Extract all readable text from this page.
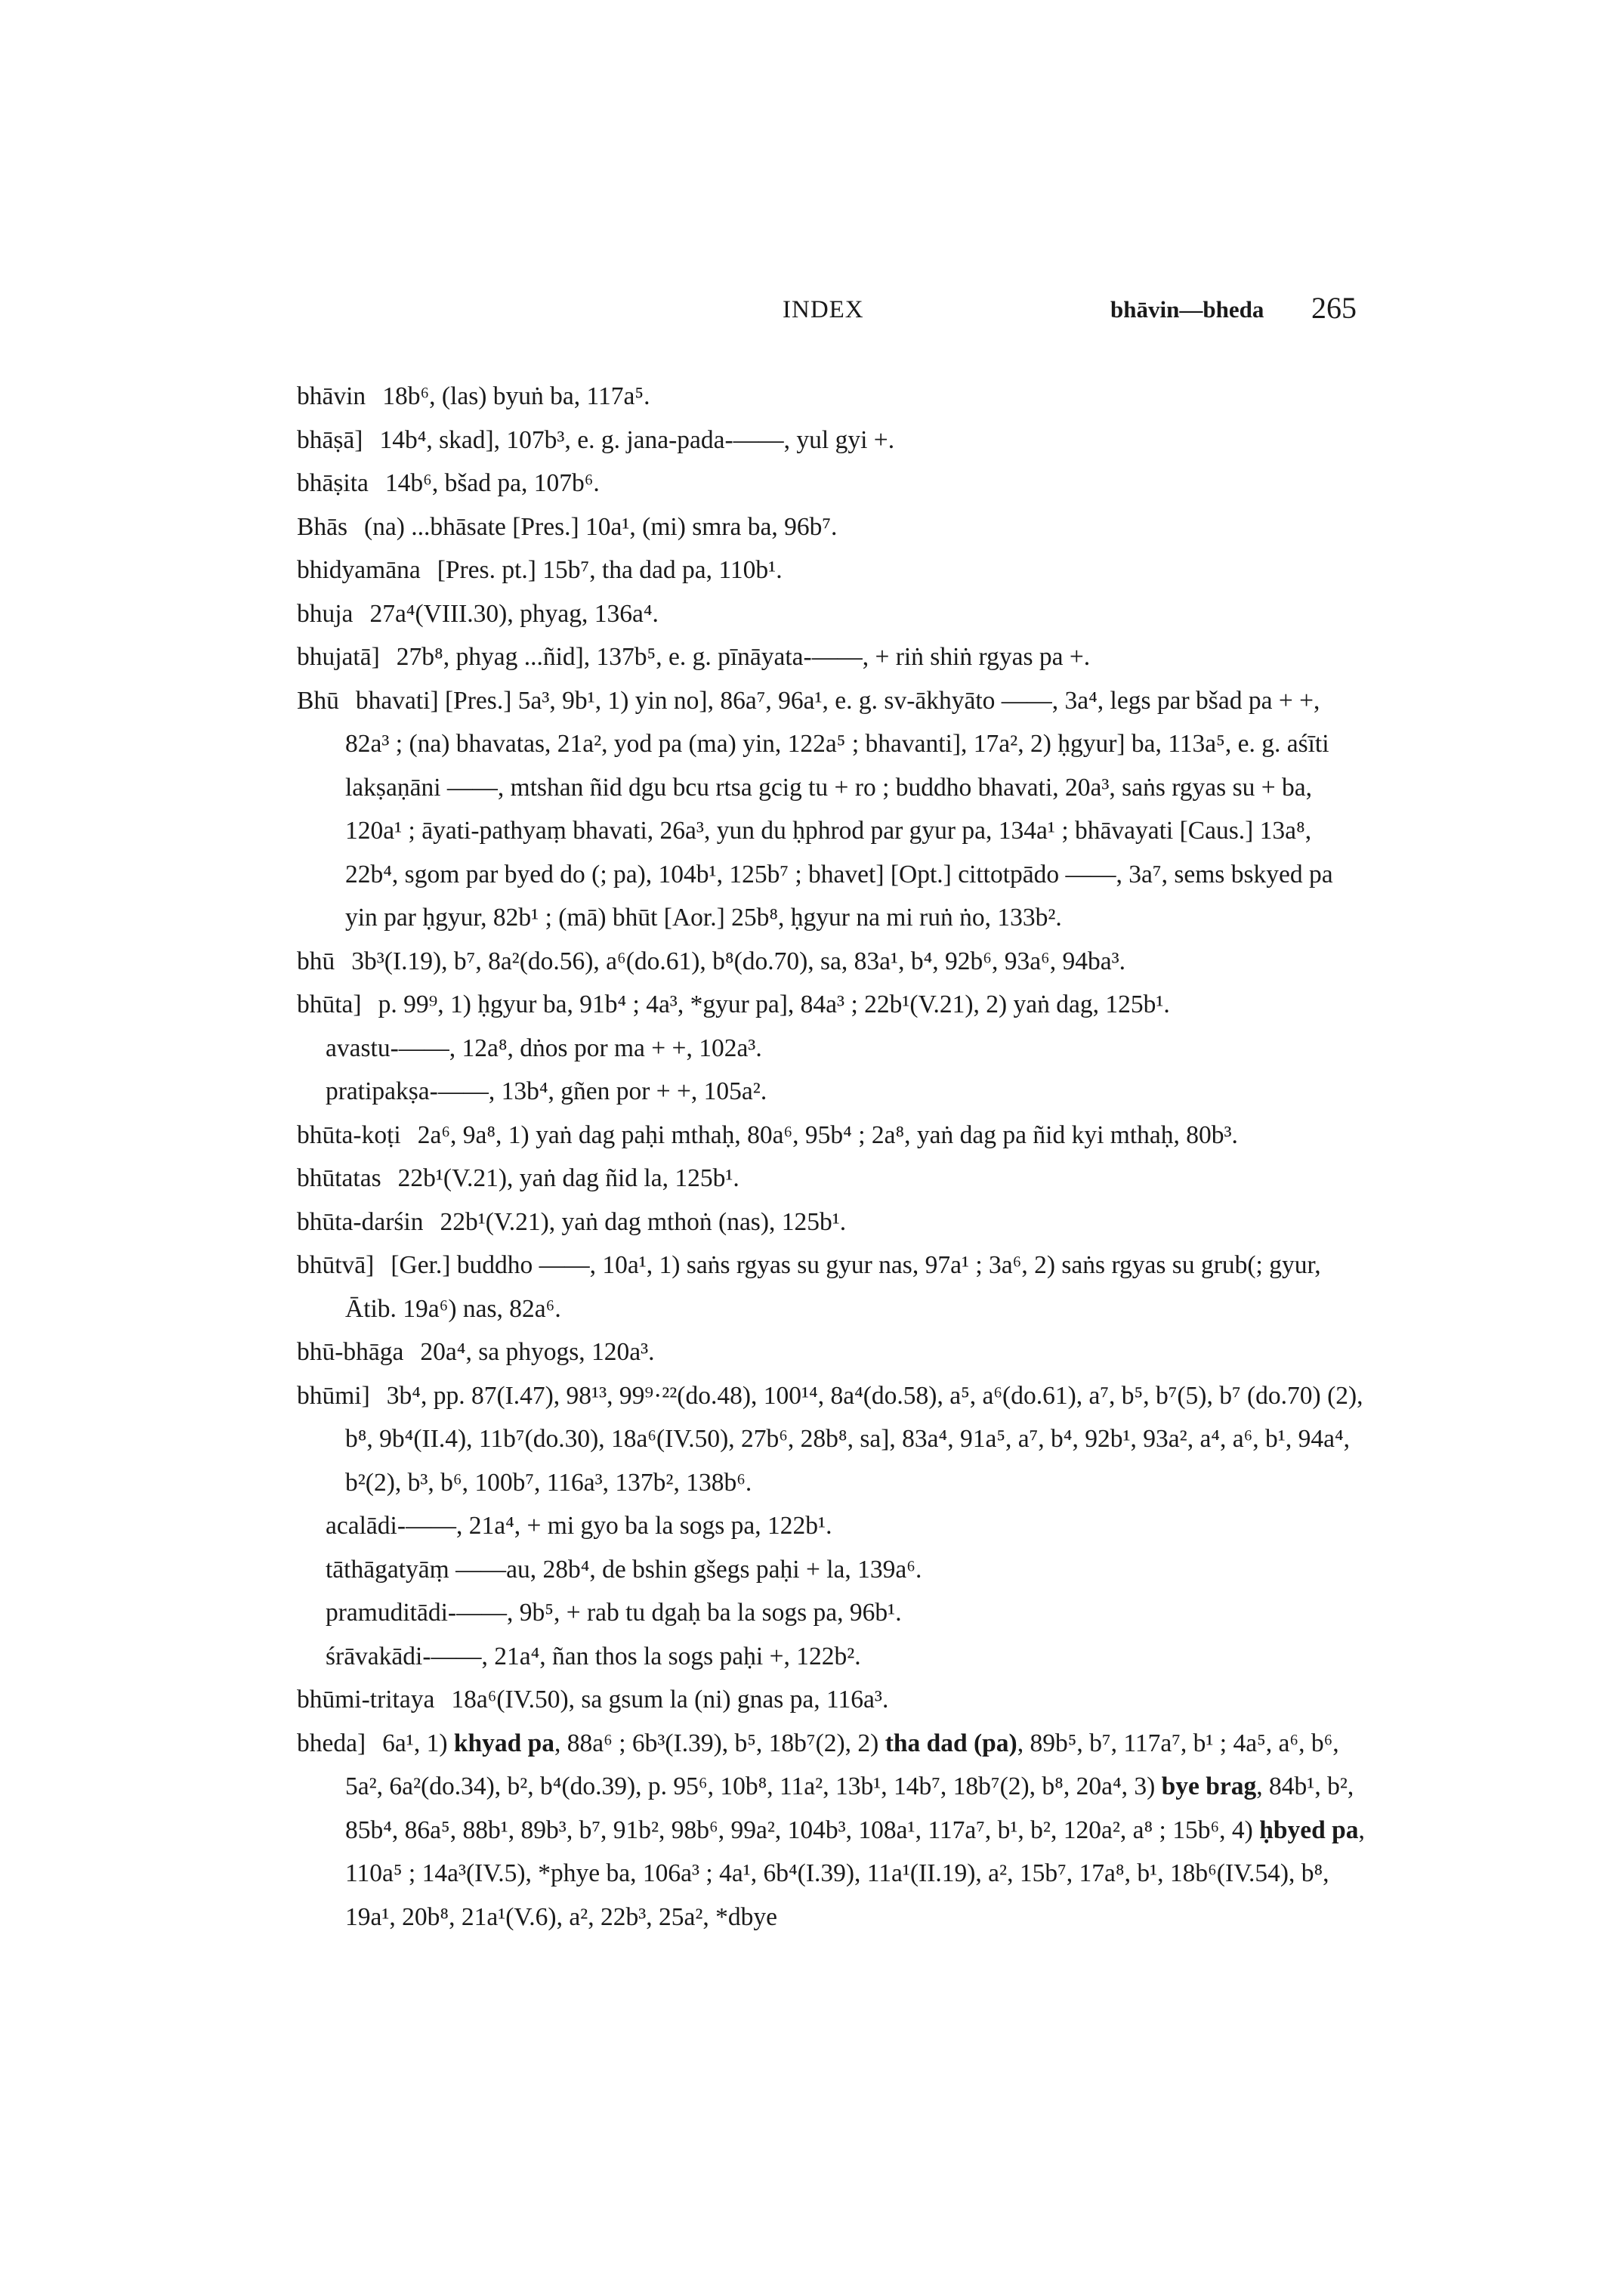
INDEX	bhāvin—bheda 265
bhāvin 18b⁶, (las) byuṅ ba, 117a⁵.
bhāṣā] 14b⁴, skad], 107b³, e. g. jana-pada-——, yul gyi +.
bhāṣita 14b⁶, bšad pa, 107b⁶.
Bhās (na) ...bhāsate [Pres.] 10a¹, (mi) smra ba, 96b⁷.
bhidyamāna [Pres. pt.] 15b⁷, tha dad pa, 110b¹.
bhuja 27a⁴(VIII.30), phyag, 136a⁴.
bhujatā] 27b⁸, phyag ...ñid], 137b⁵, e. g. pīnāyata-——, + riṅ shiṅ rgyas pa +.
Bhū bhavati] [Pres.] 5a³, 9b¹, 1) yin no], 86a⁷, 96a¹, e. g. sv-ākhyāto ——, 3a⁴, legs par bšad pa + +, 82a³ ; (na) bhavatas, 21a², yod pa (ma) yin, 122a⁵ ; bhavanti], 17a², 2) ḥgyur] ba, 113a⁵, e. g. aśīti lakṣaṇāni ——, mtshan ñid dgu bcu rtsa gcig tu + ro ; buddho bhavati, 20a³, saṅs rgyas su + ba, 120a¹ ; āyati-pathyaṃ bhavati, 26a³, yun du ḥphrod par gyur pa, 134a¹ ; bhāvayati [Caus.] 13a⁸, 22b⁴, sgom par byed do (; pa), 104b¹, 125b⁷ ; bhavet] [Opt.] cittotpādo ——, 3a⁷, sems bskyed pa yin par ḥgyur, 82b¹ ; (mā) bhūt [Aor.] 25b⁸, ḥgyur na mi ruṅ ṅo, 133b².
bhū 3b³(I.19), b⁷, 8a²(do.56), a⁶(do.61), b⁸(do.70), sa, 83a¹, b⁴, 92b⁶, 93a⁶, 94ba³.
bhūta] p. 99⁹, 1) ḥgyur ba, 91b⁴ ; 4a³, *gyur pa], 84a³ ; 22b¹(V.21), 2) yaṅ dag, 125b¹.
avastu-——, 12a⁸, dṅos por ma + +, 102a³.
pratipakṣa-——, 13b⁴, gñen por + +, 105a².
bhūta-koṭi 2a⁶, 9a⁸, 1) yaṅ dag paḥi mthaḥ, 80a⁶, 95b⁴ ; 2a⁸, yaṅ dag pa ñid kyi mthaḥ, 80b³.
bhūtatas 22b¹(V.21), yaṅ dag ñid la, 125b¹.
bhūta-darśin 22b¹(V.21), yaṅ dag mthoṅ (nas), 125b¹.
bhūtvā] [Ger.] buddho ——, 10a¹, 1) saṅs rgyas su gyur nas, 97a¹ ; 3a⁶, 2) saṅs rgyas su grub(; gyur, Ātib. 19a⁶) nas, 82a⁶.
bhū-bhāga 20a⁴, sa phyogs, 120a³.
bhūmi] 3b⁴, pp. 87(I.47), 98¹³, 99⁹·²²(do.48), 100¹⁴, 8a⁴(do.58), a⁵, a⁶(do.61), a⁷, b⁵, b⁷(5), b⁷ (do.70) (2), b⁸, 9b⁴(II.4), 11b⁷(do.30), 18a⁶(IV.50), 27b⁶, 28b⁸, sa], 83a⁴, 91a⁵, a⁷, b⁴, 92b¹, 93a², a⁴, a⁶, b¹, 94a⁴, b²(2), b³, b⁶, 100b⁷, 116a³, 137b², 138b⁶.
acalādi-——, 21a⁴, + mi gyo ba la sogs pa, 122b¹.
tāthāgatyāṃ ——au, 28b⁴, de bshin gšegs paḥi + la, 139a⁶.
pramuditādi-——, 9b⁵, + rab tu dgaḥ ba la sogs pa, 96b¹.
śrāvakādi-——, 21a⁴, ñan thos la sogs paḥi +, 122b².
bhūmi-tritaya 18a⁶(IV.50), sa gsum la (ni) gnas pa, 116a³.
bheda] 6a¹, 1) khyad pa, 88a⁶ ; 6b³(I.39), b⁵, 18b⁷(2), 2) tha dad (pa), 89b⁵, b⁷, 117a⁷, b¹ ; 4a⁵, a⁶, b⁶, 5a², 6a²(do.34), b², b⁴(do.39), p. 95⁶, 10b⁸, 11a², 13b¹, 14b⁷, 18b⁷(2), b⁸, 20a⁴, 3) bye brag, 84b¹, b², 85b⁴, 86a⁵, 88b¹, 89b³, b⁷, 91b², 98b⁶, 99a², 104b³, 108a¹, 117a⁷, b¹, b², 120a², a⁸ ; 15b⁶, 4) ḥbyed pa, 110a⁵ ; 14a³(IV.5), *phye ba, 106a³ ; 4a¹, 6b⁴(I.39), 11a¹(II.19), a², 15b⁷, 17a⁸, b¹, 18b⁶(IV.54), b⁸, 19a¹, 20b⁸, 21a¹(V.6), a², 22b³, 25a², *dbye
